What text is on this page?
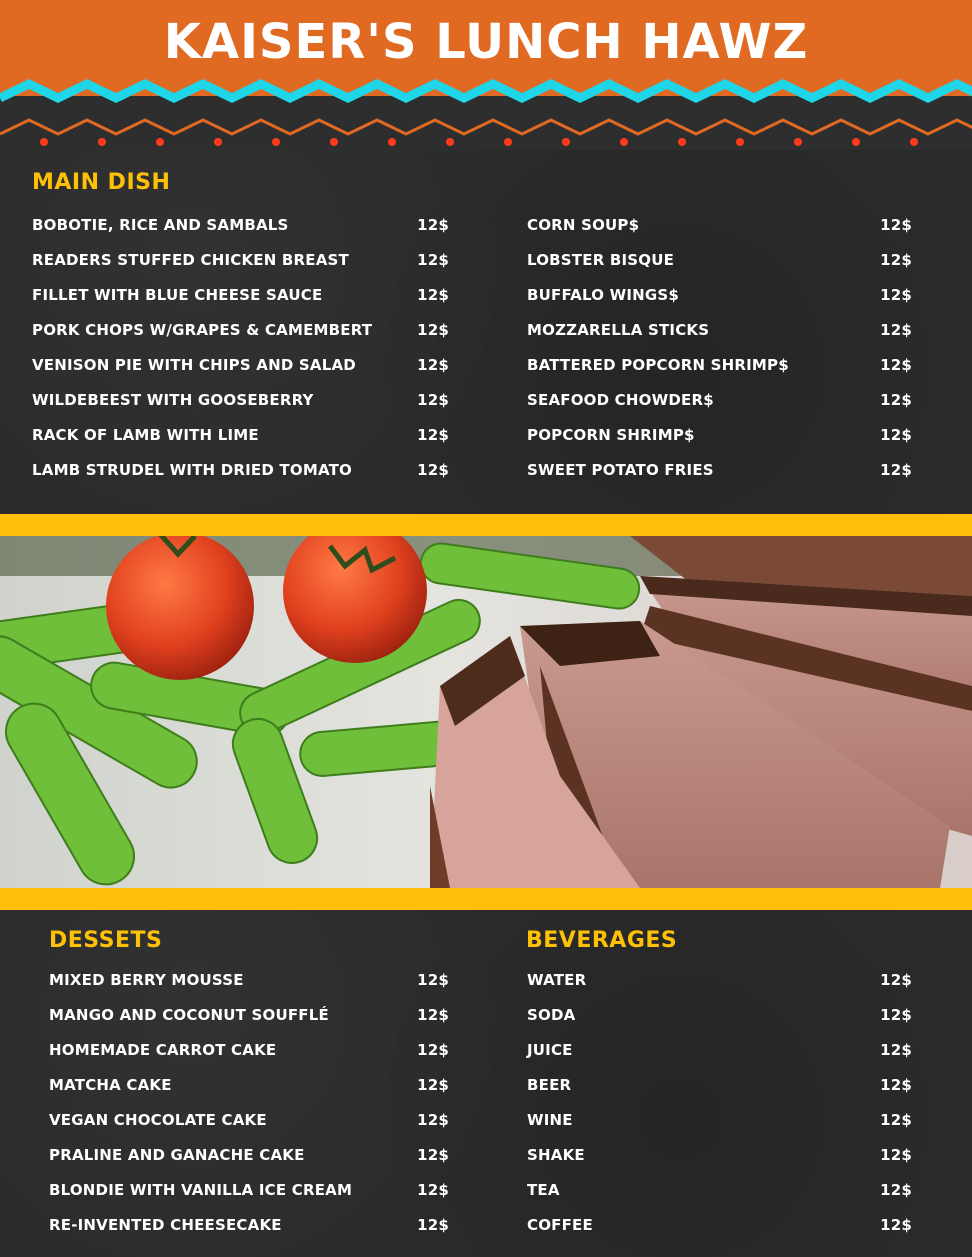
KAISER'S LUNCH HAWZ
MAIN DISH
BOBOTIE, RICE AND SAMBALS	12$
READERS STUFFED CHICKEN BREAST	12$
FILLET WITH BLUE CHEESE SAUCE	12$
PORK CHOPS W/GRAPES & CAMEMBERT	12$
VENISON PIE WITH CHIPS AND SALAD	12$
WILDEBEEST WITH GOOSEBERRY	12$
RACK OF LAMB WITH LIME	12$
LAMB STRUDEL WITH DRIED TOMATO	12$
CORN SOUP$	12$
LOBSTER BISQUE	12$
BUFFALO WINGS$	12$
MOZZARELLA STICKS	12$
BATTERED POPCORN SHRIMP$	12$
SEAFOOD CHOWDER$	12$
POPCORN SHRIMP$	12$
SWEET POTATO FRIES	12$
DESSETS
MIXED BERRY MOUSSE	12$
MANGO AND COCONUT SOUFFLÉ	12$
HOMEMADE CARROT CAKE	12$
MATCHA CAKE	12$
VEGAN CHOCOLATE CAKE	12$
PRALINE AND GANACHE CAKE	12$
BLONDIE WITH VANILLA ICE CREAM	12$
RE-INVENTED CHEESECAKE	12$
BEVERAGES
WATER	12$
SODA	12$
JUICE	12$
BEER	12$
WINE	12$
SHAKE	12$
TEA	12$
COFFEE	12$
